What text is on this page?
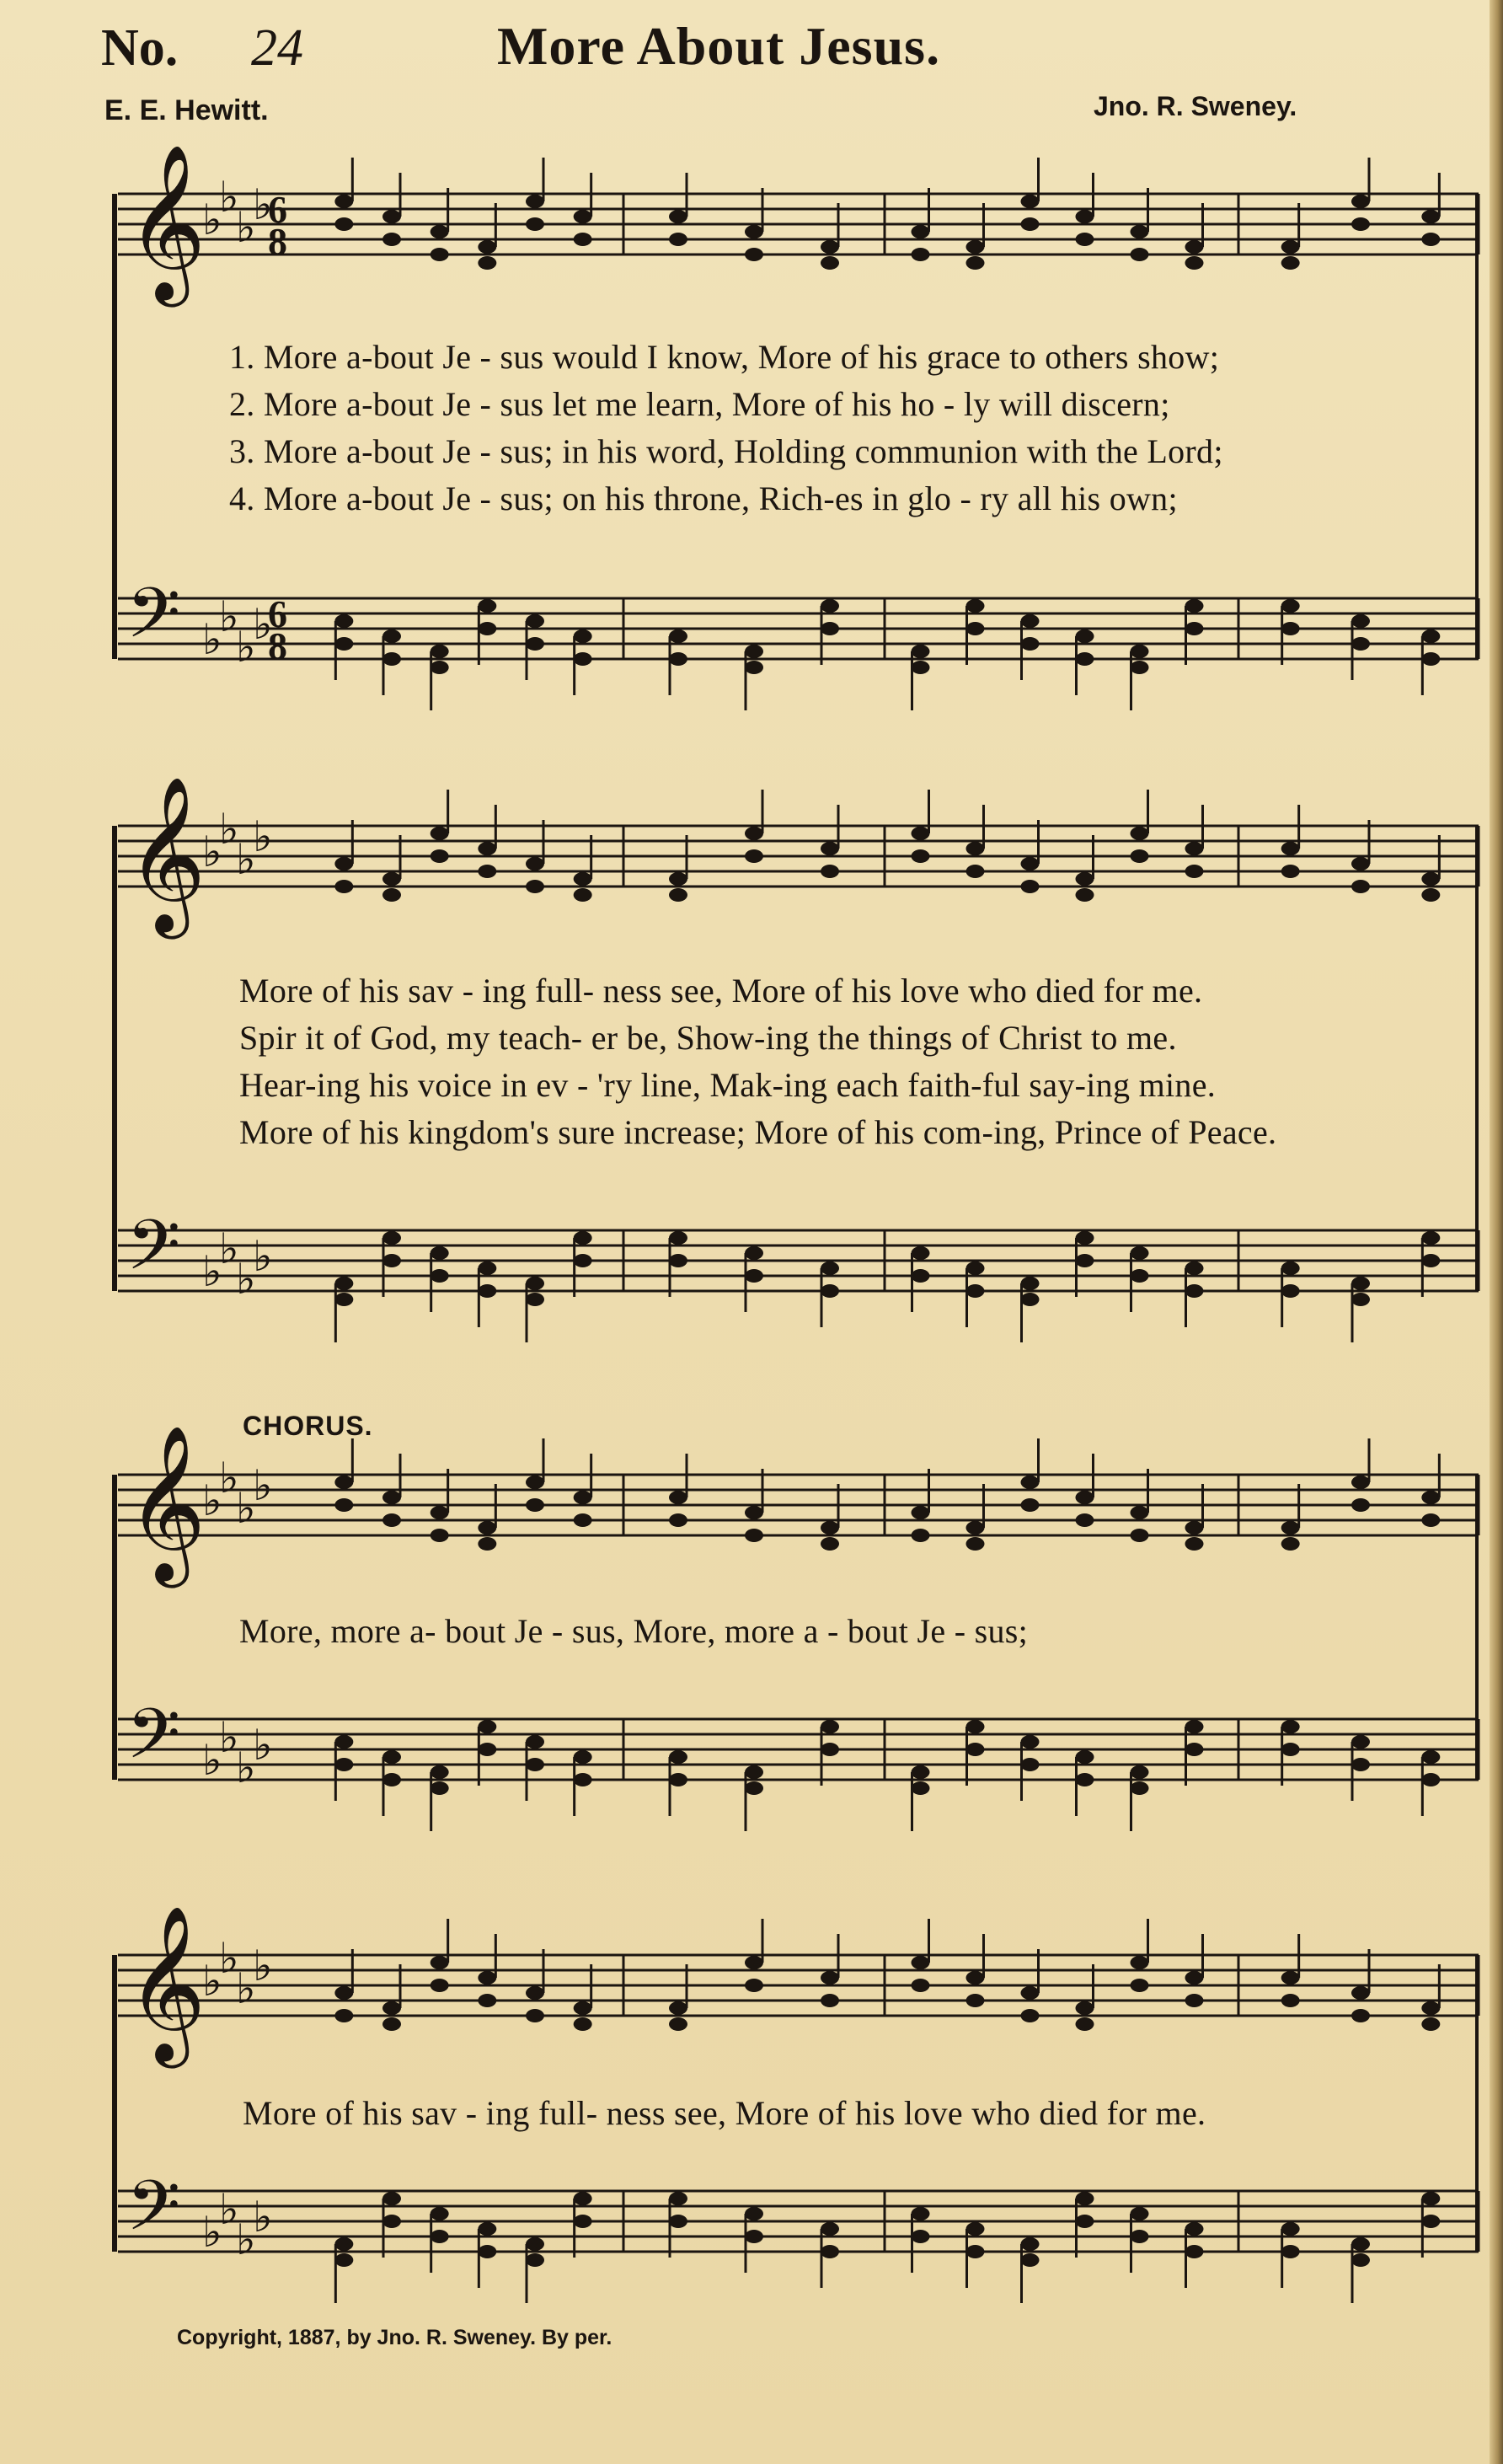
No. 24	More About Jesus.
E. E. Hewitt.	Jno. R. Sweney.
♭
♭
♭
♭
6
8
𝄞
1. More a-bout Je - sus would I know, More of his grace to others show;
2. More a-bout Je - sus let me learn, More of his ho - ly will discern;
3. More a-bout Je - sus; in his word, Holding communion with the Lord;
4. More a-bout Je - sus; on his throne, Rich-es in glo - ry all his own;
♭
♭
♭
♭
6
8
𝄢
♭
♭
♭
♭
𝄞
More of his sav - ing full- ness see, More of his love who died for me.
Spir it of God, my teach- er be, Show-ing the things of Christ to me.
Hear-ing his voice in ev - 'ry line, Mak-ing each faith-ful say-ing mine.
More of his kingdom's sure increase; More of his com-ing, Prince of Peace.
♭
♭
♭
♭
𝄢
CHORUS.
♭
♭
♭
♭
𝄞
More, more a- bout Je - sus, More, more a - bout Je - sus;
♭
♭
♭
♭
𝄢
♭
♭
♭
♭
𝄞
More of his sav - ing full- ness see, More of his love who died for me.
♭
♭
♭
♭
𝄢
Copyright, 1887, by Jno. R. Sweney. By per.
